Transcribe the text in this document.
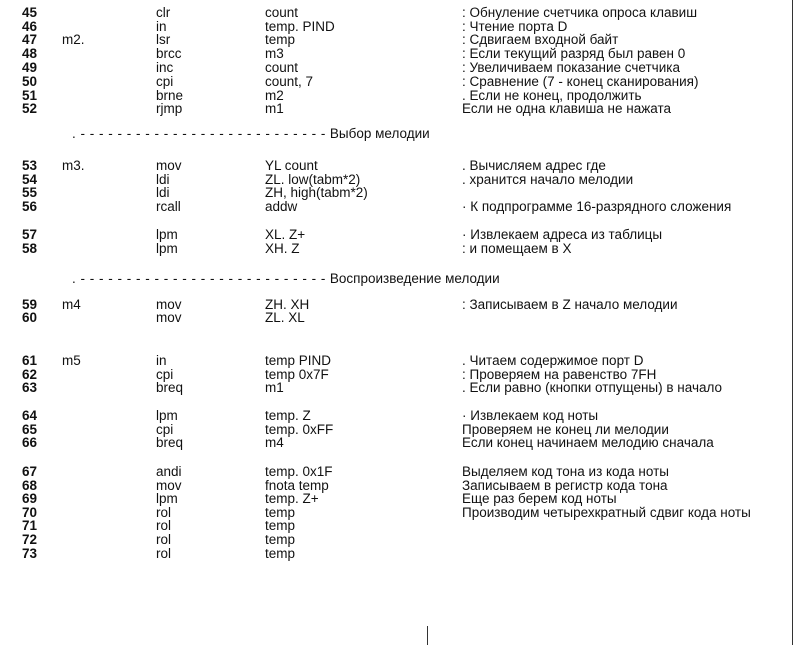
45	clr	count	: Обнуление счетчика опроса клавиш
46	in	temp. PIND	: Чтение порта D
47 m2.	lsr	temp	: Сдвигаем входной байт
48	brcc	m3	: Если текущий разряд был равен 0
49	inc	count	: Увеличиваем показание счетчика
50	cpi	count, 7	: Сравнение (7 - конец сканирования)
51	brne	m2	. Если не конец, продолжить
52	rjmp	m1	Если не одна клавиша не нажата
53 m3.	mov	YL count	. Вычисляем адрес где
54	ldi	ZL. low(tabm*2)	. хранится начало мелодии
55	ldi	ZH, high(tabm*2)
56	rcall	addw	· К подпрограмме 16-разрядного сложения
57	lpm	XL. Z+	· Извлекаем адреса из таблицы
58	lpm	XH. Z	: и помещаем в X
59 m4	mov	ZH. XH	: Записываем в Z начало мелодии
60	mov	ZL. XL
61 m5	in	temp PIND	. Читаем содержимое порт D
62	cpi	temp 0x7F	: Проверяем на равенство 7FH
63	breq	m1	. Если равно (кнопки отпущены) в начало
64	lpm	temp. Z	· Извлекаем код ноты
65	cpi	temp. 0xFF	Проверяем не конец ли мелодии
66	breq	m4	Если конец начинаем мелодию сначала
67	andi	temp. 0x1F	Выделяем код тона из кода ноты
68	mov	fnota temp	Записываем в регистр кода тона
69	lpm	temp. Z+	Еще раз берем код ноты
70	rol	temp	Производим четырехкратный сдвиг кода ноты
71	rol	temp
72	rol	temp
73	rol	temp
. - - - - - - - - - - - - - - - - - - - - - - - - - - - Выбор мелодии
. - - - - - - - - - - - - - - - - - - - - - - - - - - - Воспроизведение мелодии
